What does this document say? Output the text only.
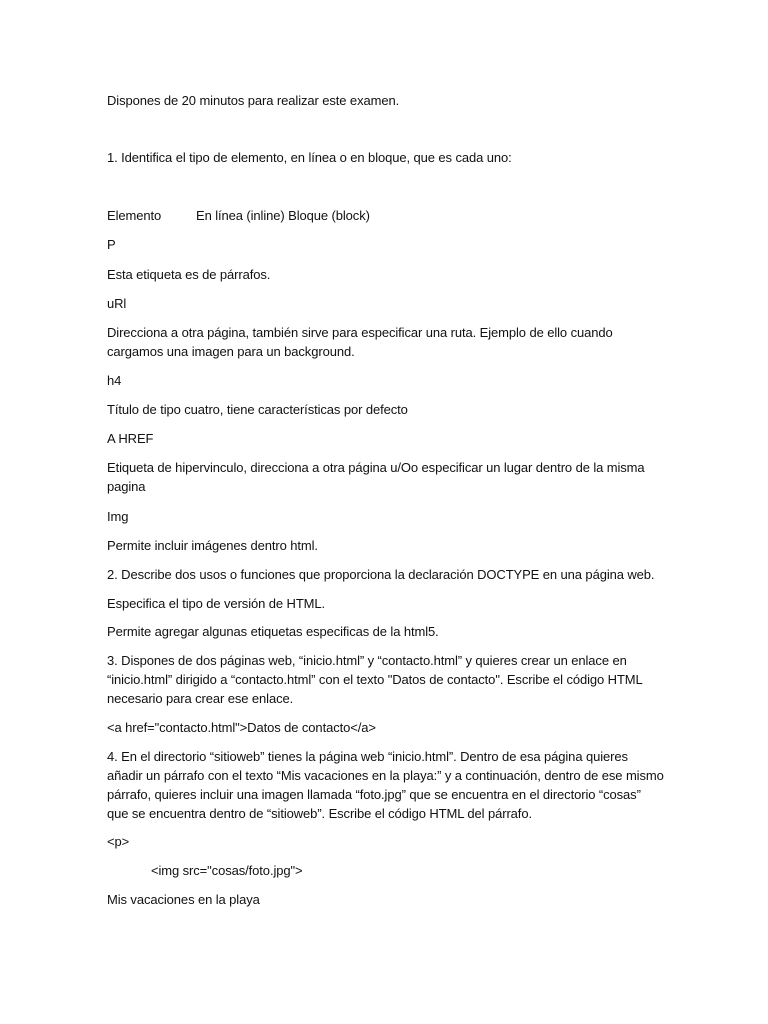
Dispones de 20 minutos para realizar este examen.
1. Identifica el tipo de elemento, en línea o en bloque, que es cada uno:
Elemento	En línea (inline) Bloque (block)
P
Esta etiqueta es de párrafos.
uRl
Direcciona a otra página, también sirve para especificar una ruta. Ejemplo de ello cuando
cargamos una imagen para un background.
h4
Título de tipo cuatro, tiene características por defecto
A HREF
Etiqueta de hipervinculo, direcciona a otra página u/Oo especificar un lugar dentro de la misma
pagina
Img
Permite incluir imágenes dentro html.
2. Describe dos usos o funciones que proporciona la declaración DOCTYPE en una página web.
Especifica el tipo de versión de HTML.
Permite agregar algunas etiquetas especificas de la html5.
3. Dispones de dos páginas web, “inicio.html” y “contacto.html” y quieres crear un enlace en
“inicio.html” dirigido a “contacto.html” con el texto "Datos de contacto". Escribe el código HTML
necesario para crear ese enlace.
<a href="contacto.html">Datos de contacto</a>
4. En el directorio “sitioweb” tienes la página web “inicio.html”. Dentro de esa página quieres
añadir un párrafo con el texto “Mis vacaciones en la playa:” y a continuación, dentro de ese mismo
párrafo, quieres incluir una imagen llamada “foto.jpg” que se encuentra en el directorio “cosas”
que se encuentra dentro de “sitioweb”. Escribe el código HTML del párrafo.
<p>
<img src="cosas/foto.jpg">
Mis vacaciones en la playa
